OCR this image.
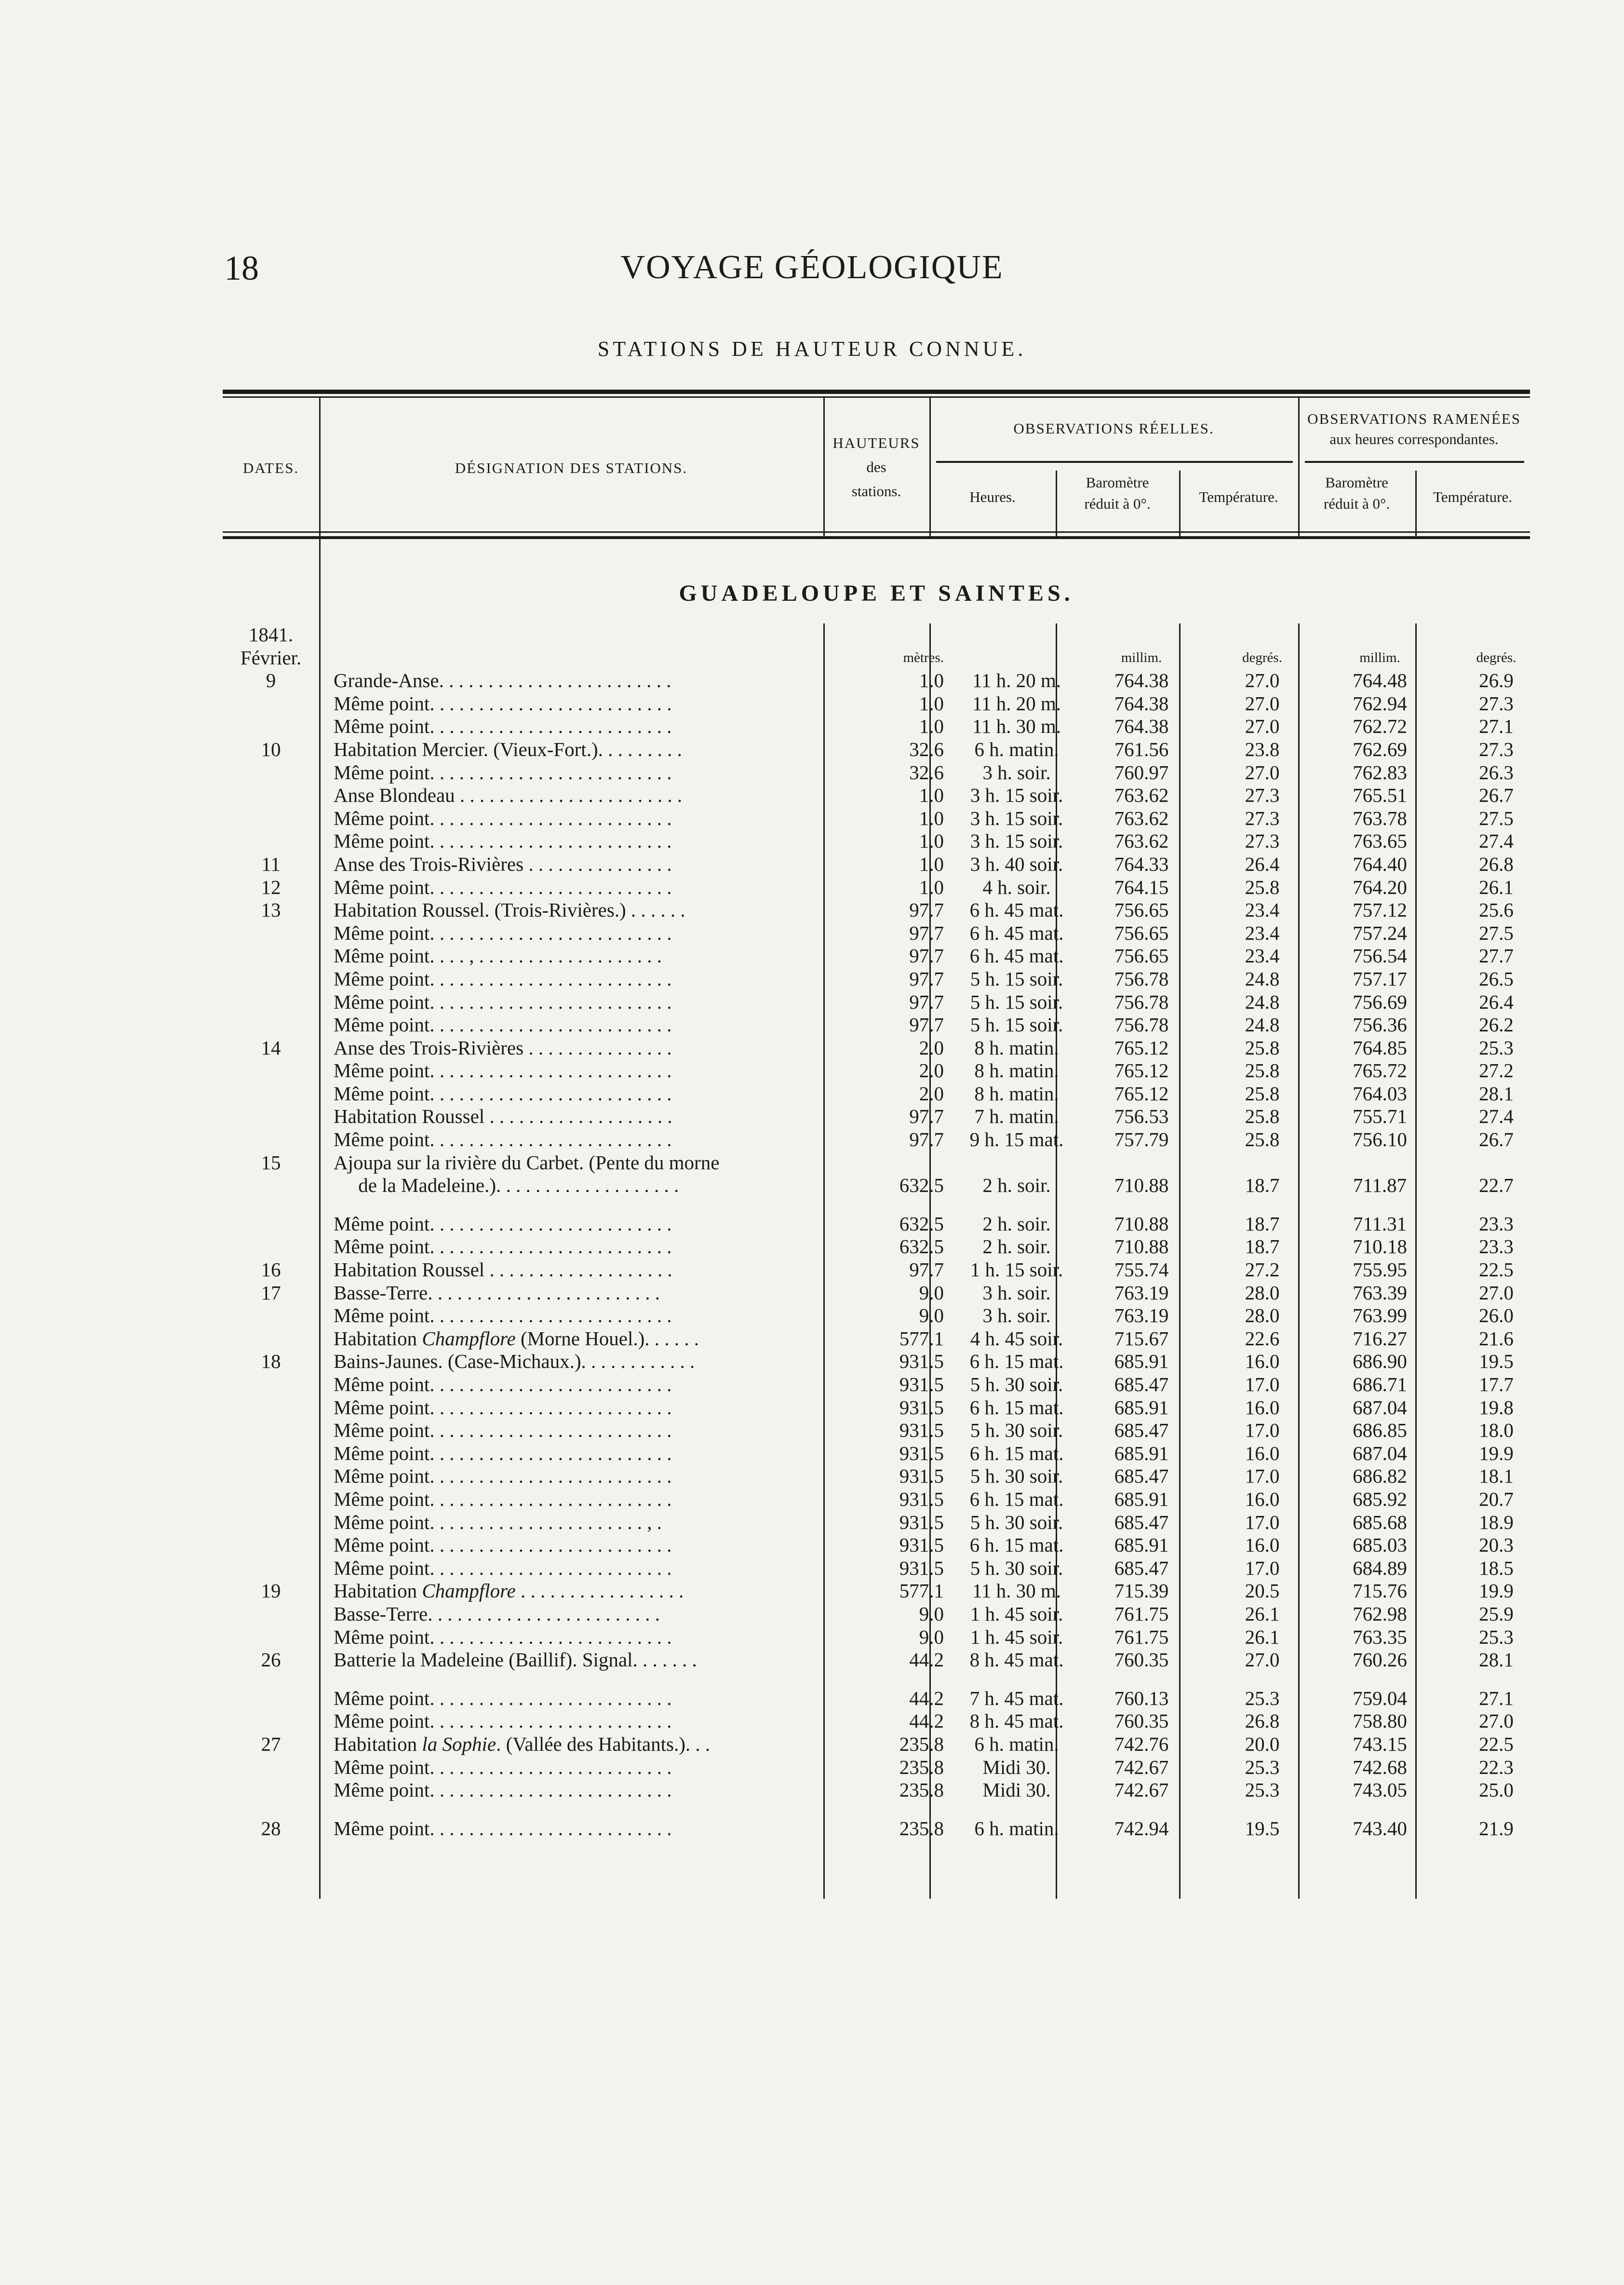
18	VOYAGE GÉOLOGIQUE
STATIONS DE HAUTEUR CONNUE.
DATES.	DÉSIGNATION DES STATIONS.
HAUTEURS
des
stations.
OBSERVATIONS RÉELLES.
OBSERVATIONS RAMENÉES
aux heures correspondantes.
Heures.
Baromètre
réduit à 0°.	Température.
Baromètre
réduit à 0°.	Température.
GUADELOUPE ET SAINTES.
1841.							
Février.		mètres.		millim.	degrés.	millim.	degrés.
9	Grande-Anse. . . . . . . . . . . . . . . . . . . . . . . .	1.0	11 h. 20 m.	764.38	27.0	764.48	26.9
	Même point. . . . . . . . . . . . . . . . . . . . . . . . .	1.0	11 h. 20 m.	764.38	27.0	762.94	27.3
	Même point. . . . . . . . . . . . . . . . . . . . . . . . .	1.0	11 h. 30 m.	764.38	27.0	762.72	27.1
10	Habitation Mercier. (Vieux-Fort.). . . . . . . . .	32.6	6 h. matin.	761.56	23.8	762.69	27.3
	Même point. . . . . . . . . . . . . . . . . . . . . . . . .	32.6	3 h. soir.	760.97	27.0	762.83	26.3
	Anse Blondeau . . . . . . . . . . . . . . . . . . . . . . .	1.0	3 h. 15 soir.	763.62	27.3	765.51	26.7
	Même point. . . . . . . . . . . . . . . . . . . . . . . . .	1.0	3 h. 15 soir.	763.62	27.3	763.78	27.5
	Même point. . . . . . . . . . . . . . . . . . . . . . . . .	1.0	3 h. 15 soir.	763.62	27.3	763.65	27.4
11	Anse des Trois-Rivières . . . . . . . . . . . . . . .	1.0	3 h. 40 soir.	764.33	26.4	764.40	26.8
12	Même point. . . . . . . . . . . . . . . . . . . . . . . . .	1.0	4 h. soir.	764.15	25.8	764.20	26.1
13	Habitation Roussel. (Trois-Rivières.) . . . . . .	97.7	6 h. 45 mat.	756.65	23.4	757.12	25.6
	Même point. . . . . . . . . . . . . . . . . . . . . . . . .	97.7	6 h. 45 mat.	756.65	23.4	757.24	27.5
	Même point. . . . , . . . . . . . . . . . . . . . . . . .	97.7	6 h. 45 mat.	756.65	23.4	756.54	27.7
	Même point. . . . . . . . . . . . . . . . . . . . . . . . .	97.7	5 h. 15 soir.	756.78	24.8	757.17	26.5
	Même point. . . . . . . . . . . . . . . . . . . . . . . . .	97.7	5 h. 15 soir.	756.78	24.8	756.69	26.4
	Même point. . . . . . . . . . . . . . . . . . . . . . . . .	97.7	5 h. 15 soir.	756.78	24.8	756.36	26.2
14	Anse des Trois-Rivières . . . . . . . . . . . . . . .	2.0	8 h. matin.	765.12	25.8	764.85	25.3
	Même point. . . . . . . . . . . . . . . . . . . . . . . . .	2.0	8 h. matin.	765.12	25.8	765.72	27.2
	Même point. . . . . . . . . . . . . . . . . . . . . . . . .	2.0	8 h. matin.	765.12	25.8	764.03	28.1
	Habitation Roussel . . . . . . . . . . . . . . . . . . .	97.7	7 h. matin.	756.53	25.8	755.71	27.4
	Même point. . . . . . . . . . . . . . . . . . . . . . . . .	97.7	9 h. 15 mat.	757.79	25.8	756.10	26.7
15	Ajoupa sur la rivière du Carbet. (Pente du morne						
	de la Madeleine.). . . . . . . . . . . . . . . . . . .	632.5	2 h. soir.	710.88	18.7	711.87	22.7

	Même point. . . . . . . . . . . . . . . . . . . . . . . . .	632.5	2 h. soir.	710.88	18.7	711.31	23.3
	Même point. . . . . . . . . . . . . . . . . . . . . . . . .	632.5	2 h. soir.	710.88	18.7	710.18	23.3
16	Habitation Roussel . . . . . . . . . . . . . . . . . . .	97.7	1 h. 15 soir.	755.74	27.2	755.95	22.5
17	Basse-Terre. . . . . . . . . . . . . . . . . . . . . . . .	9.0	3 h. soir.	763.19	28.0	763.39	27.0
	Même point. . . . . . . . . . . . . . . . . . . . . . . . .	9.0	3 h. soir.	763.19	28.0	763.99	26.0
	Habitation Champflore (Morne Houel.). . . . . .	577.1	4 h. 45 soir.	715.67	22.6	716.27	21.6
18	Bains-Jaunes. (Case-Michaux.). . . . . . . . . . . .	931.5	6 h. 15 mat.	685.91	16.0	686.90	19.5
	Même point. . . . . . . . . . . . . . . . . . . . . . . . .	931.5	5 h. 30 soir.	685.47	17.0	686.71	17.7
	Même point. . . . . . . . . . . . . . . . . . . . . . . . .	931.5	6 h. 15 mat.	685.91	16.0	687.04	19.8
	Même point. . . . . . . . . . . . . . . . . . . . . . . . .	931.5	5 h. 30 soir.	685.47	17.0	686.85	18.0
	Même point. . . . . . . . . . . . . . . . . . . . . . . . .	931.5	6 h. 15 mat.	685.91	16.0	687.04	19.9
	Même point. . . . . . . . . . . . . . . . . . . . . . . . .	931.5	5 h. 30 soir.	685.47	17.0	686.82	18.1
	Même point. . . . . . . . . . . . . . . . . . . . . . . . .	931.5	6 h. 15 mat.	685.91	16.0	685.92	20.7
	Même point. . . . . . . . . . . . . . . . . . . . . . , .	931.5	5 h. 30 soir.	685.47	17.0	685.68	18.9
	Même point. . . . . . . . . . . . . . . . . . . . . . . . .	931.5	6 h. 15 mat.	685.91	16.0	685.03	20.3
	Même point. . . . . . . . . . . . . . . . . . . . . . . . .	931.5	5 h. 30 soir.	685.47	17.0	684.89	18.5
19	Habitation Champflore . . . . . . . . . . . . . . . . .	577.1	11 h. 30 m.	715.39	20.5	715.76	19.9
	Basse-Terre. . . . . . . . . . . . . . . . . . . . . . . .	9.0	1 h. 45 soir.	761.75	26.1	762.98	25.9
	Même point. . . . . . . . . . . . . . . . . . . . . . . . .	9.0	1 h. 45 soir.	761.75	26.1	763.35	25.3
26	Batterie la Madeleine (Baillif). Signal. . . . . . .	44.2	8 h. 45 mat.	760.35	27.0	760.26	28.1

	Même point. . . . . . . . . . . . . . . . . . . . . . . . .	44.2	7 h. 45 mat.	760.13	25.3	759.04	27.1
	Même point. . . . . . . . . . . . . . . . . . . . . . . . .	44.2	8 h. 45 mat.	760.35	26.8	758.80	27.0
27	Habitation la Sophie. (Vallée des Habitants.). . .	235.8	6 h. matin.	742.76	20.0	743.15	22.5
	Même point. . . . . . . . . . . . . . . . . . . . . . . . .	235.8	Midi 30.	742.67	25.3	742.68	22.3
	Même point. . . . . . . . . . . . . . . . . . . . . . . . .	235.8	Midi 30.	742.67	25.3	743.05	25.0

28	Même point. . . . . . . . . . . . . . . . . . . . . . . . .	235.8	6 h. matin.	742.94	19.5	743.40	21.9
